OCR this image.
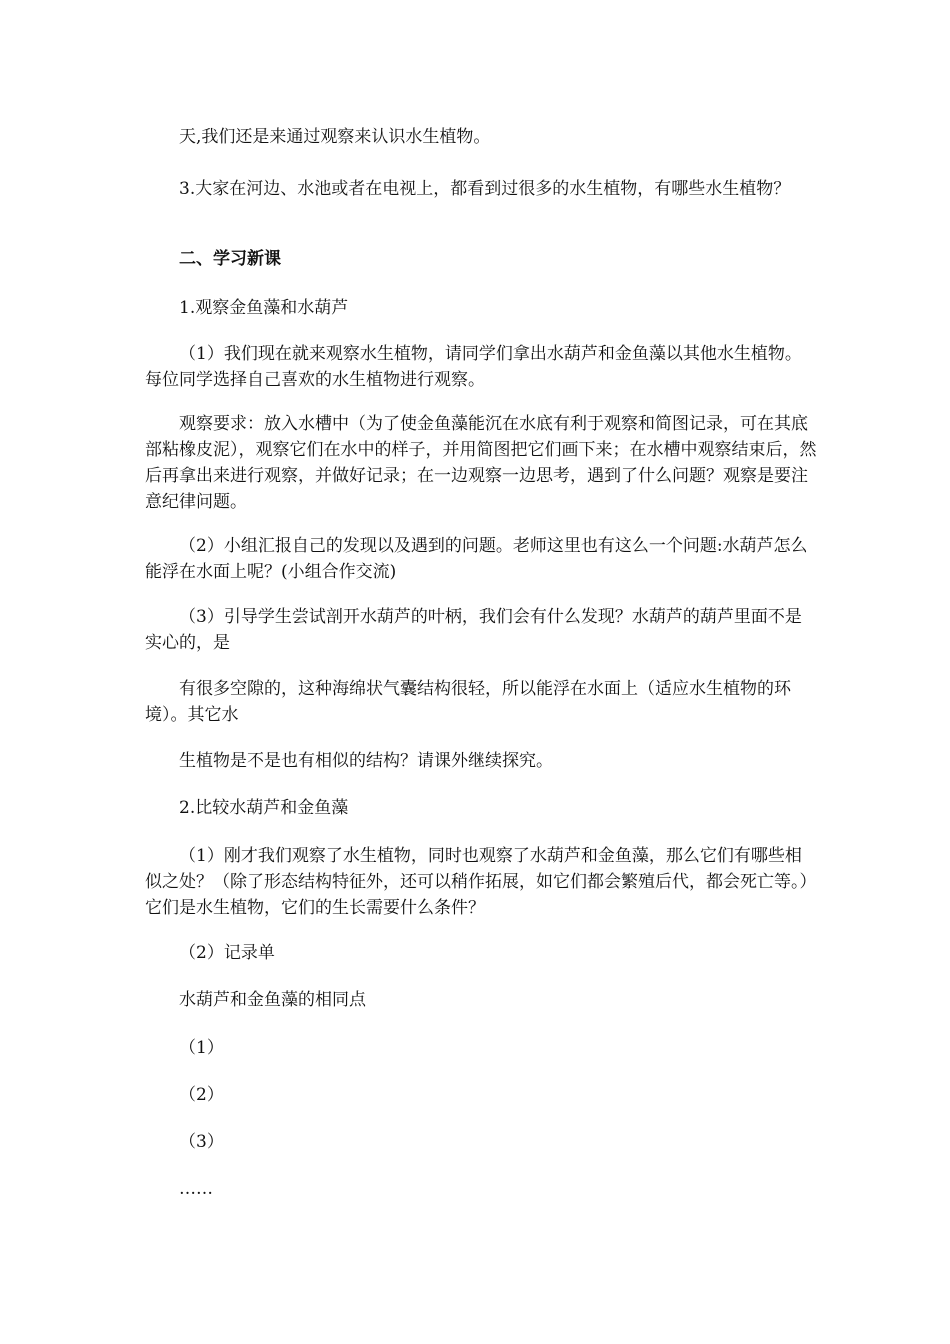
天,我们还是来通过观察来认识水生植物。

3.大家在河边、水池或者在电视上，都看到过很多的水生植物，有哪些水生植物？

二、学习新课

1.观察金鱼藻和水葫芦

（1）我们现在就来观察水生植物，请同学们拿出水葫芦和金鱼藻以其他水生植物。每位同学选择自己喜欢的水生植物进行观察。

观察要求：放入水槽中（为了使金鱼藻能沉在水底有利于观察和简图记录，可在其底部粘橡皮泥），观察它们在水中的样子，并用简图把它们画下来；在水槽中观察结束后，然后再拿出来进行观察，并做好记录；在一边观察一边思考，遇到了什么问题？观察是要注意纪律问题。

（2）小组汇报自己的发现以及遇到的问题。老师这里也有这么一个问题:水葫芦怎么能浮在水面上呢？(小组合作交流)

（3）引导学生尝试剖开水葫芦的叶柄，我们会有什么发现？水葫芦的葫芦里面不是实心的，是

有很多空隙的，这种海绵状气囊结构很轻，所以能浮在水面上（适应水生植物的环境）。其它水

生植物是不是也有相似的结构？请课外继续探究。

2.比较水葫芦和金鱼藻

（1）刚才我们观察了水生植物，同时也观察了水葫芦和金鱼藻，那么它们有哪些相似之处？（除了形态结构特征外，还可以稍作拓展，如它们都会繁殖后代，都会死亡等。）它们是水生植物，它们的生长需要什么条件？

（2）记录单

水葫芦和金鱼藻的相同点

（1）

（2）

（3）

……
